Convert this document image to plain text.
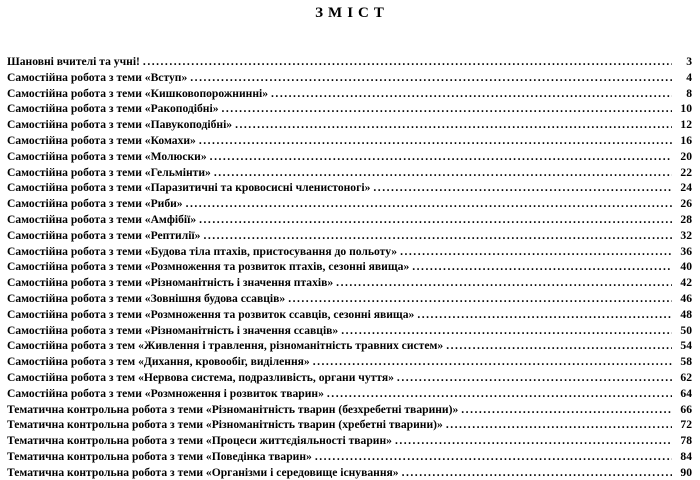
ЗМІСТ
Шановні вчителі та учні! .....	3
Самостійна робота з теми «Вступ» .....	4
Самостійна робота з теми «Кишковопорожнинні» .....	8
Самостійна робота з теми «Ракоподібні» .....	10
Самостійна робота з теми «Павукоподібні» .....	12
Самостійна робота з теми «Комахи» .....	16
Самостійна робота з теми «Молюски» .....	20
Самостійна робота з теми «Гельмінти» .....	22
Самостійна робота з теми «Паразитичні та кровосисні членистоногі» .....	24
Самостійна робота з теми «Риби» .....	26
Самостійна робота з теми «Амфібії» .....	28
Самостійна робота з теми «Рептилії» .....	32
Самостійна робота з теми «Будова тіла птахів, пристосування до польоту» .....	36
Самостійна робота з теми «Розмноження та розвиток птахів, сезонні явища» .....	40
Самостійна робота з теми «Різноманітність і значення птахів» .....	42
Самостійна робота з теми «Зовнішня будова ссавців» .....	46
Самостійна робота з теми «Розмноження та розвиток ссавців, сезонні явища» .....	48
Самостійна робота з теми «Різноманітність і значення ссавців» .....	50
Самостійна робота з тем «Живлення і травлення, різноманітність травних систем» .....	54
Самостійна робота з тем «Дихання, кровообіг, виділення» .....	58
Самостійна робота з тем «Нервова система, подразливість, органи чуття» .....	62
Самостійна робота з теми «Розмноження і розвиток тварин» .....	64
Тематична контрольна робота з теми «Різноманітність тварин (безхребетні тварини)» .....	66
Тематична контрольна робота з теми «Різноманітність тварин (хребетні тварини)» .....	72
Тематична контрольна робота з теми «Процеси життєдіяльності тварин» .....	78
Тематична контрольна робота з теми «Поведінка тварин» .....	84
Тематична контрольна робота з теми «Організми і середовище існування» .....	90
